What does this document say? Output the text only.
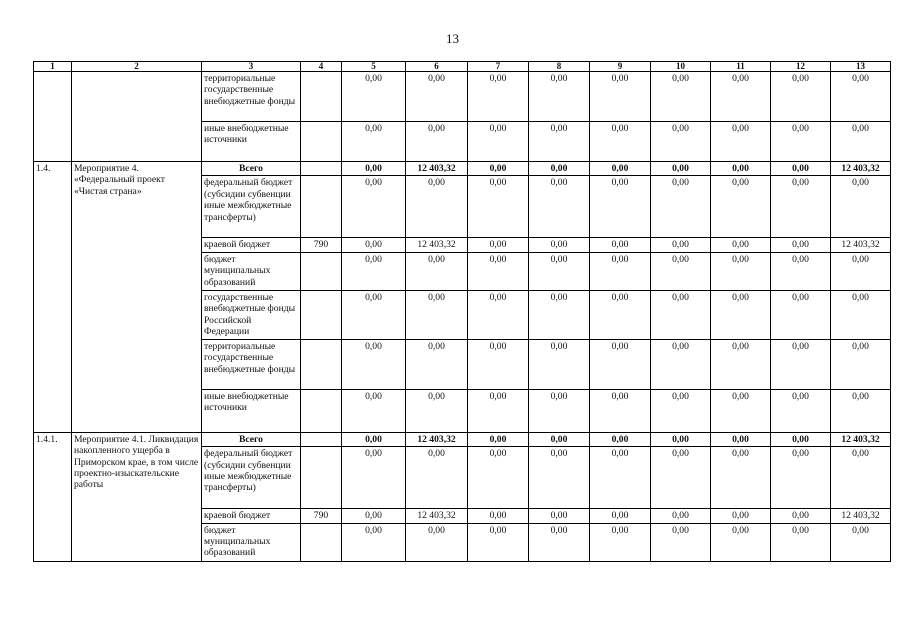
13
1	2	3	4	5	6	7	8	9	10	11	12	13
		территориальные государственные внебюджетные фонды		0,00	0,00	0,00	0,00	0,00	0,00	0,00	0,00	0,00
		иные внебюджетные источники		0,00	0,00	0,00	0,00	0,00	0,00	0,00	0,00	0,00
1.4.	Мероприятие 4. «Федеральный проект «Чистая страна»	Всего		0,00	12 403,32	0,00	0,00	0,00	0,00	0,00	0,00	12 403,32
		федеральный бюджет (субсидии субвенции иные межбюджетные трансферты)		0,00	0,00	0,00	0,00	0,00	0,00	0,00	0,00	0,00
		краевой бюджет	790	0,00	12 403,32	0,00	0,00	0,00	0,00	0,00	0,00	12 403,32
		бюджет муниципальных образований		0,00	0,00	0,00	0,00	0,00	0,00	0,00	0,00	0,00
		государственные внебюджетные фонды Российской Федерации		0,00	0,00	0,00	0,00	0,00	0,00	0,00	0,00	0,00
		территориальные государственные внебюджетные фонды		0,00	0,00	0,00	0,00	0,00	0,00	0,00	0,00	0,00
		иные внебюджетные источники		0,00	0,00	0,00	0,00	0,00	0,00	0,00	0,00	0,00
1.4.1.	Мероприятие 4.1. Ликвидация накопленного ущерба в Приморском крае, в том числе проектно-изыскательские работы	Всего		0,00	12 403,32	0,00	0,00	0,00	0,00	0,00	0,00	12 403,32
		федеральный бюджет (субсидии субвенции иные межбюджетные трансферты)		0,00	0,00	0,00	0,00	0,00	0,00	0,00	0,00	0,00
		краевой бюджет	790	0,00	12 403,32	0,00	0,00	0,00	0,00	0,00	0,00	12 403,32
		бюджет муниципальных образований		0,00	0,00	0,00	0,00	0,00	0,00	0,00	0,00	0,00
